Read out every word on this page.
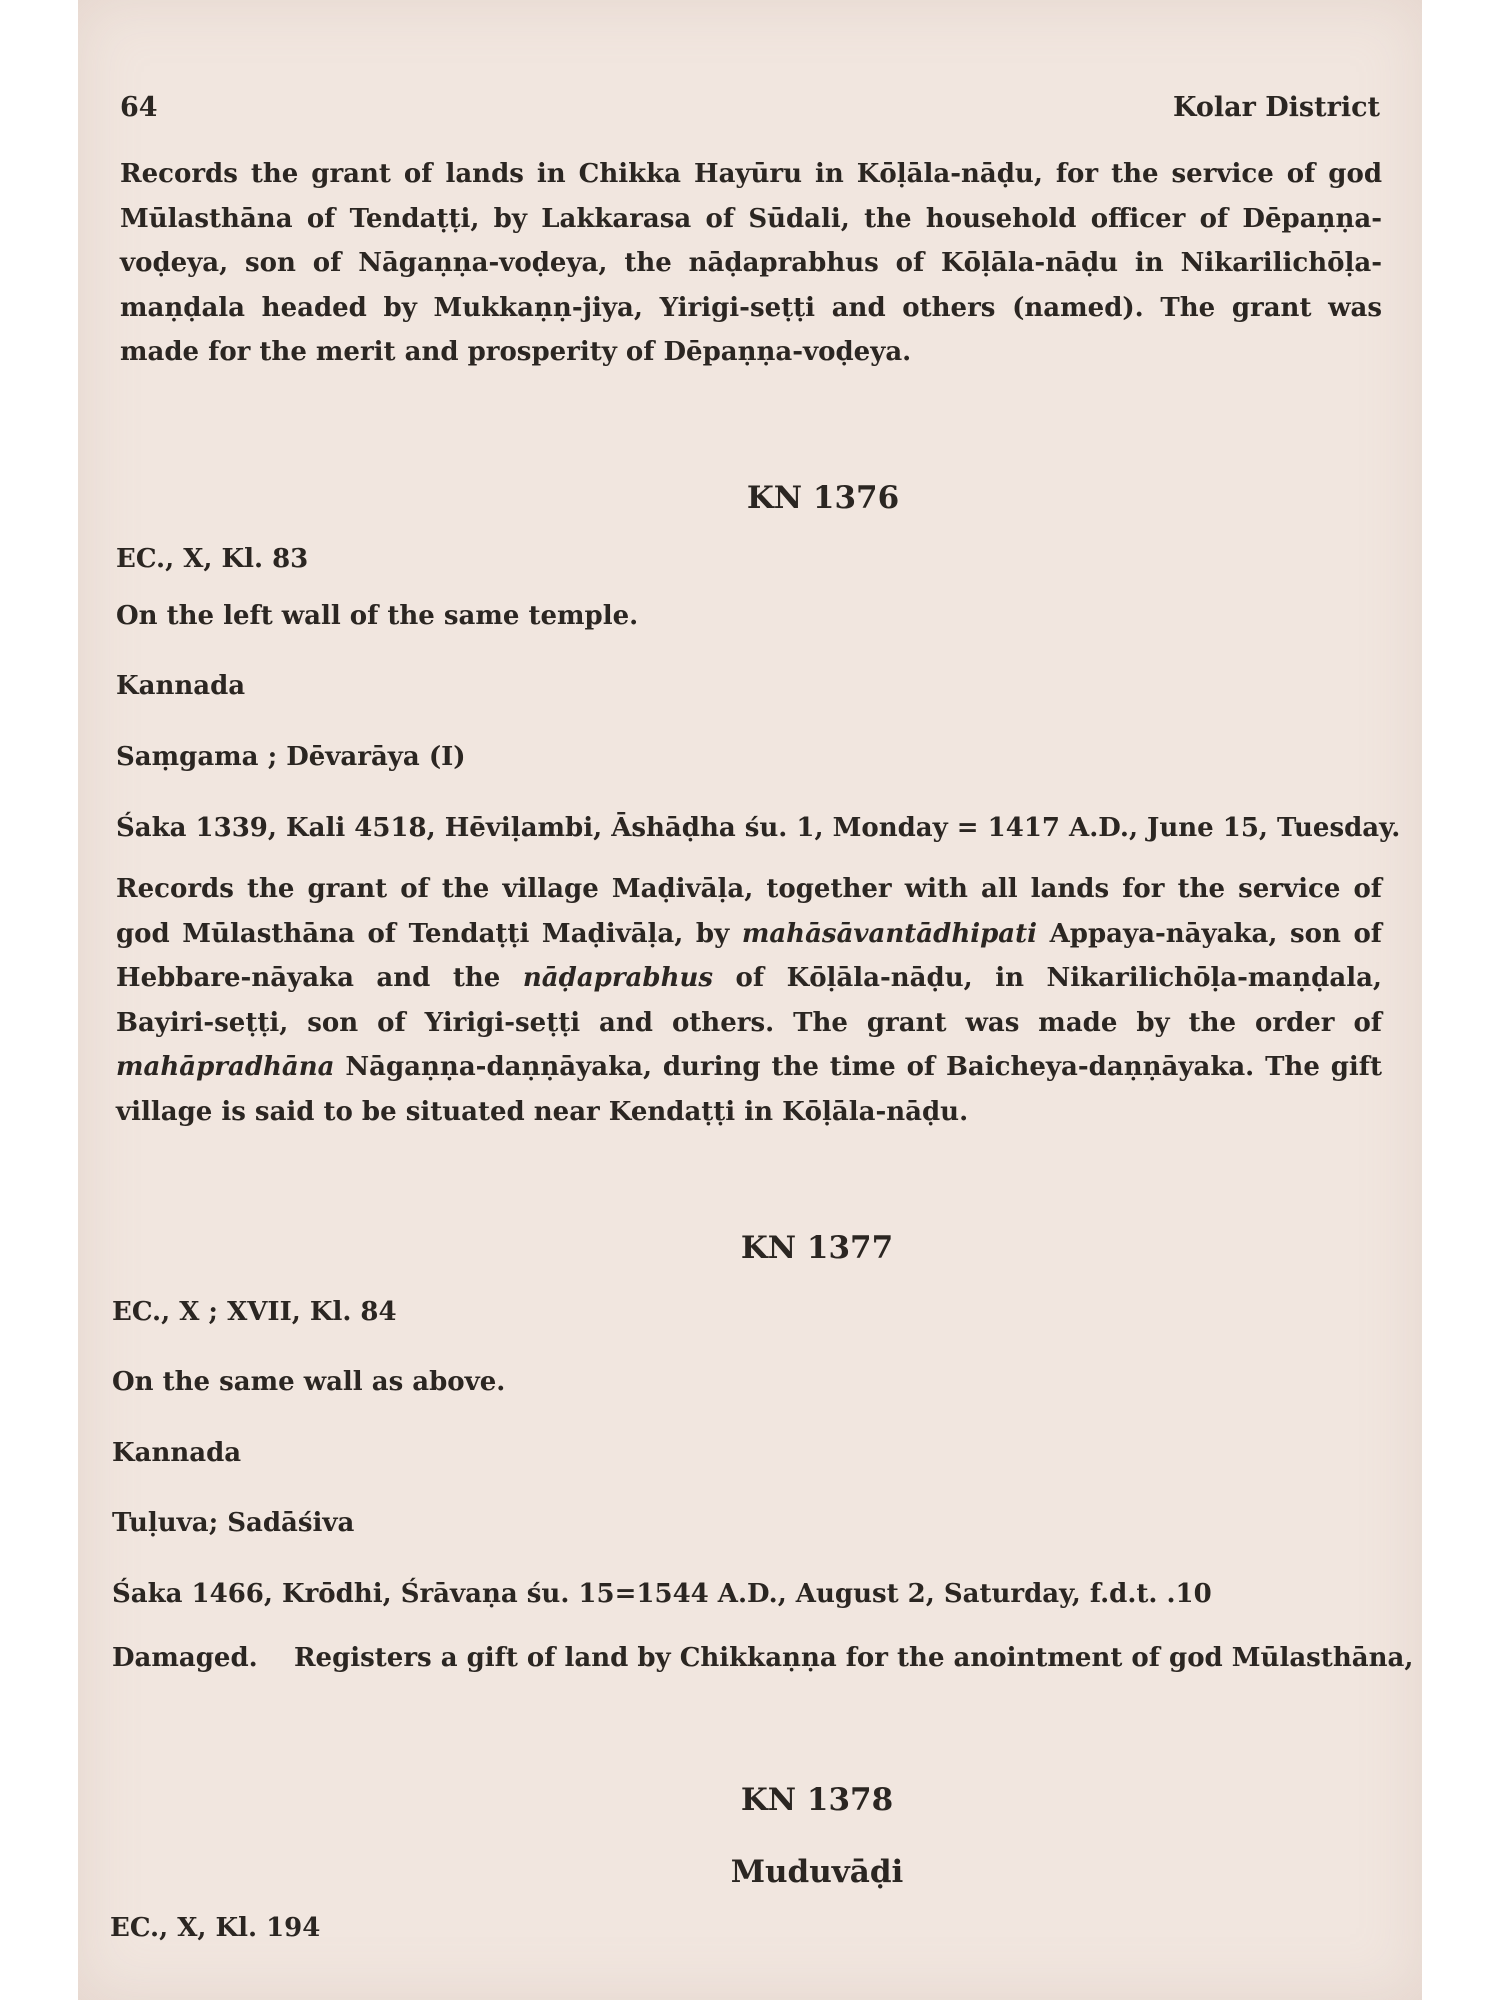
64	Kolar District

Records the grant of lands in Chikka Hayūru in Kōḷāla-nāḍu, for the service of god Mūlasthāna of Tendaṭṭi, by Lakkarasa of Sūdali, the household officer of Dēpaṇṇa-voḍeya, son of Nāgaṇṇa-voḍeya, the nāḍaprabhus of Kōḷāla-nāḍu in Nikarilichōḷa-maṇḍala headed by Mukkaṇṇ-jiya, Yirigi-seṭṭi and others (named). The grant was made for the merit and prosperity of Dēpaṇṇa-voḍeya.

KN 1376
EC., X, Kl. 83
On the left wall of the same temple.
Kannada
Saṃgama ; Dēvarāya (I)
Śaka 1339, Kali 4518, Hēviḷambi, Āshāḍha śu. 1, Monday = 1417 A.D., June 15, Tuesday.

Records the grant of the village Maḍivāḷa, together with all lands for the service of god Mūlasthāna of Tendaṭṭi Maḍivāḷa, by mahāsāvantādhipati Appaya-nāyaka, son of Hebbare-nāyaka and the nāḍaprabhus of Kōḷāla-nāḍu, in Nikarilichōḷa-maṇḍala, Bayiri-seṭṭi, son of Yirigi-seṭṭi and others. The grant was made by the order of mahāpradhāna Nāgaṇṇa-daṇṇāyaka, during the time of Baicheya-daṇṇāyaka. The gift village is said to be situated near Kendaṭṭi in Kōḷāla-nāḍu.

KN 1377
EC., X ; XVII, Kl. 84
On the same wall as above.
Kannada
Tuḷuva; Sadāśiva
Śaka 1466, Krōdhi, Śrāvaṇa śu. 15=1544 A.D., August 2, Saturday, f.d.t. .10
Damaged. Registers a gift of land by Chikkaṇṇa for the anointment of god Mūlasthāna,
KN 1378
Muduvāḍi
EC., X, Kl. 194
